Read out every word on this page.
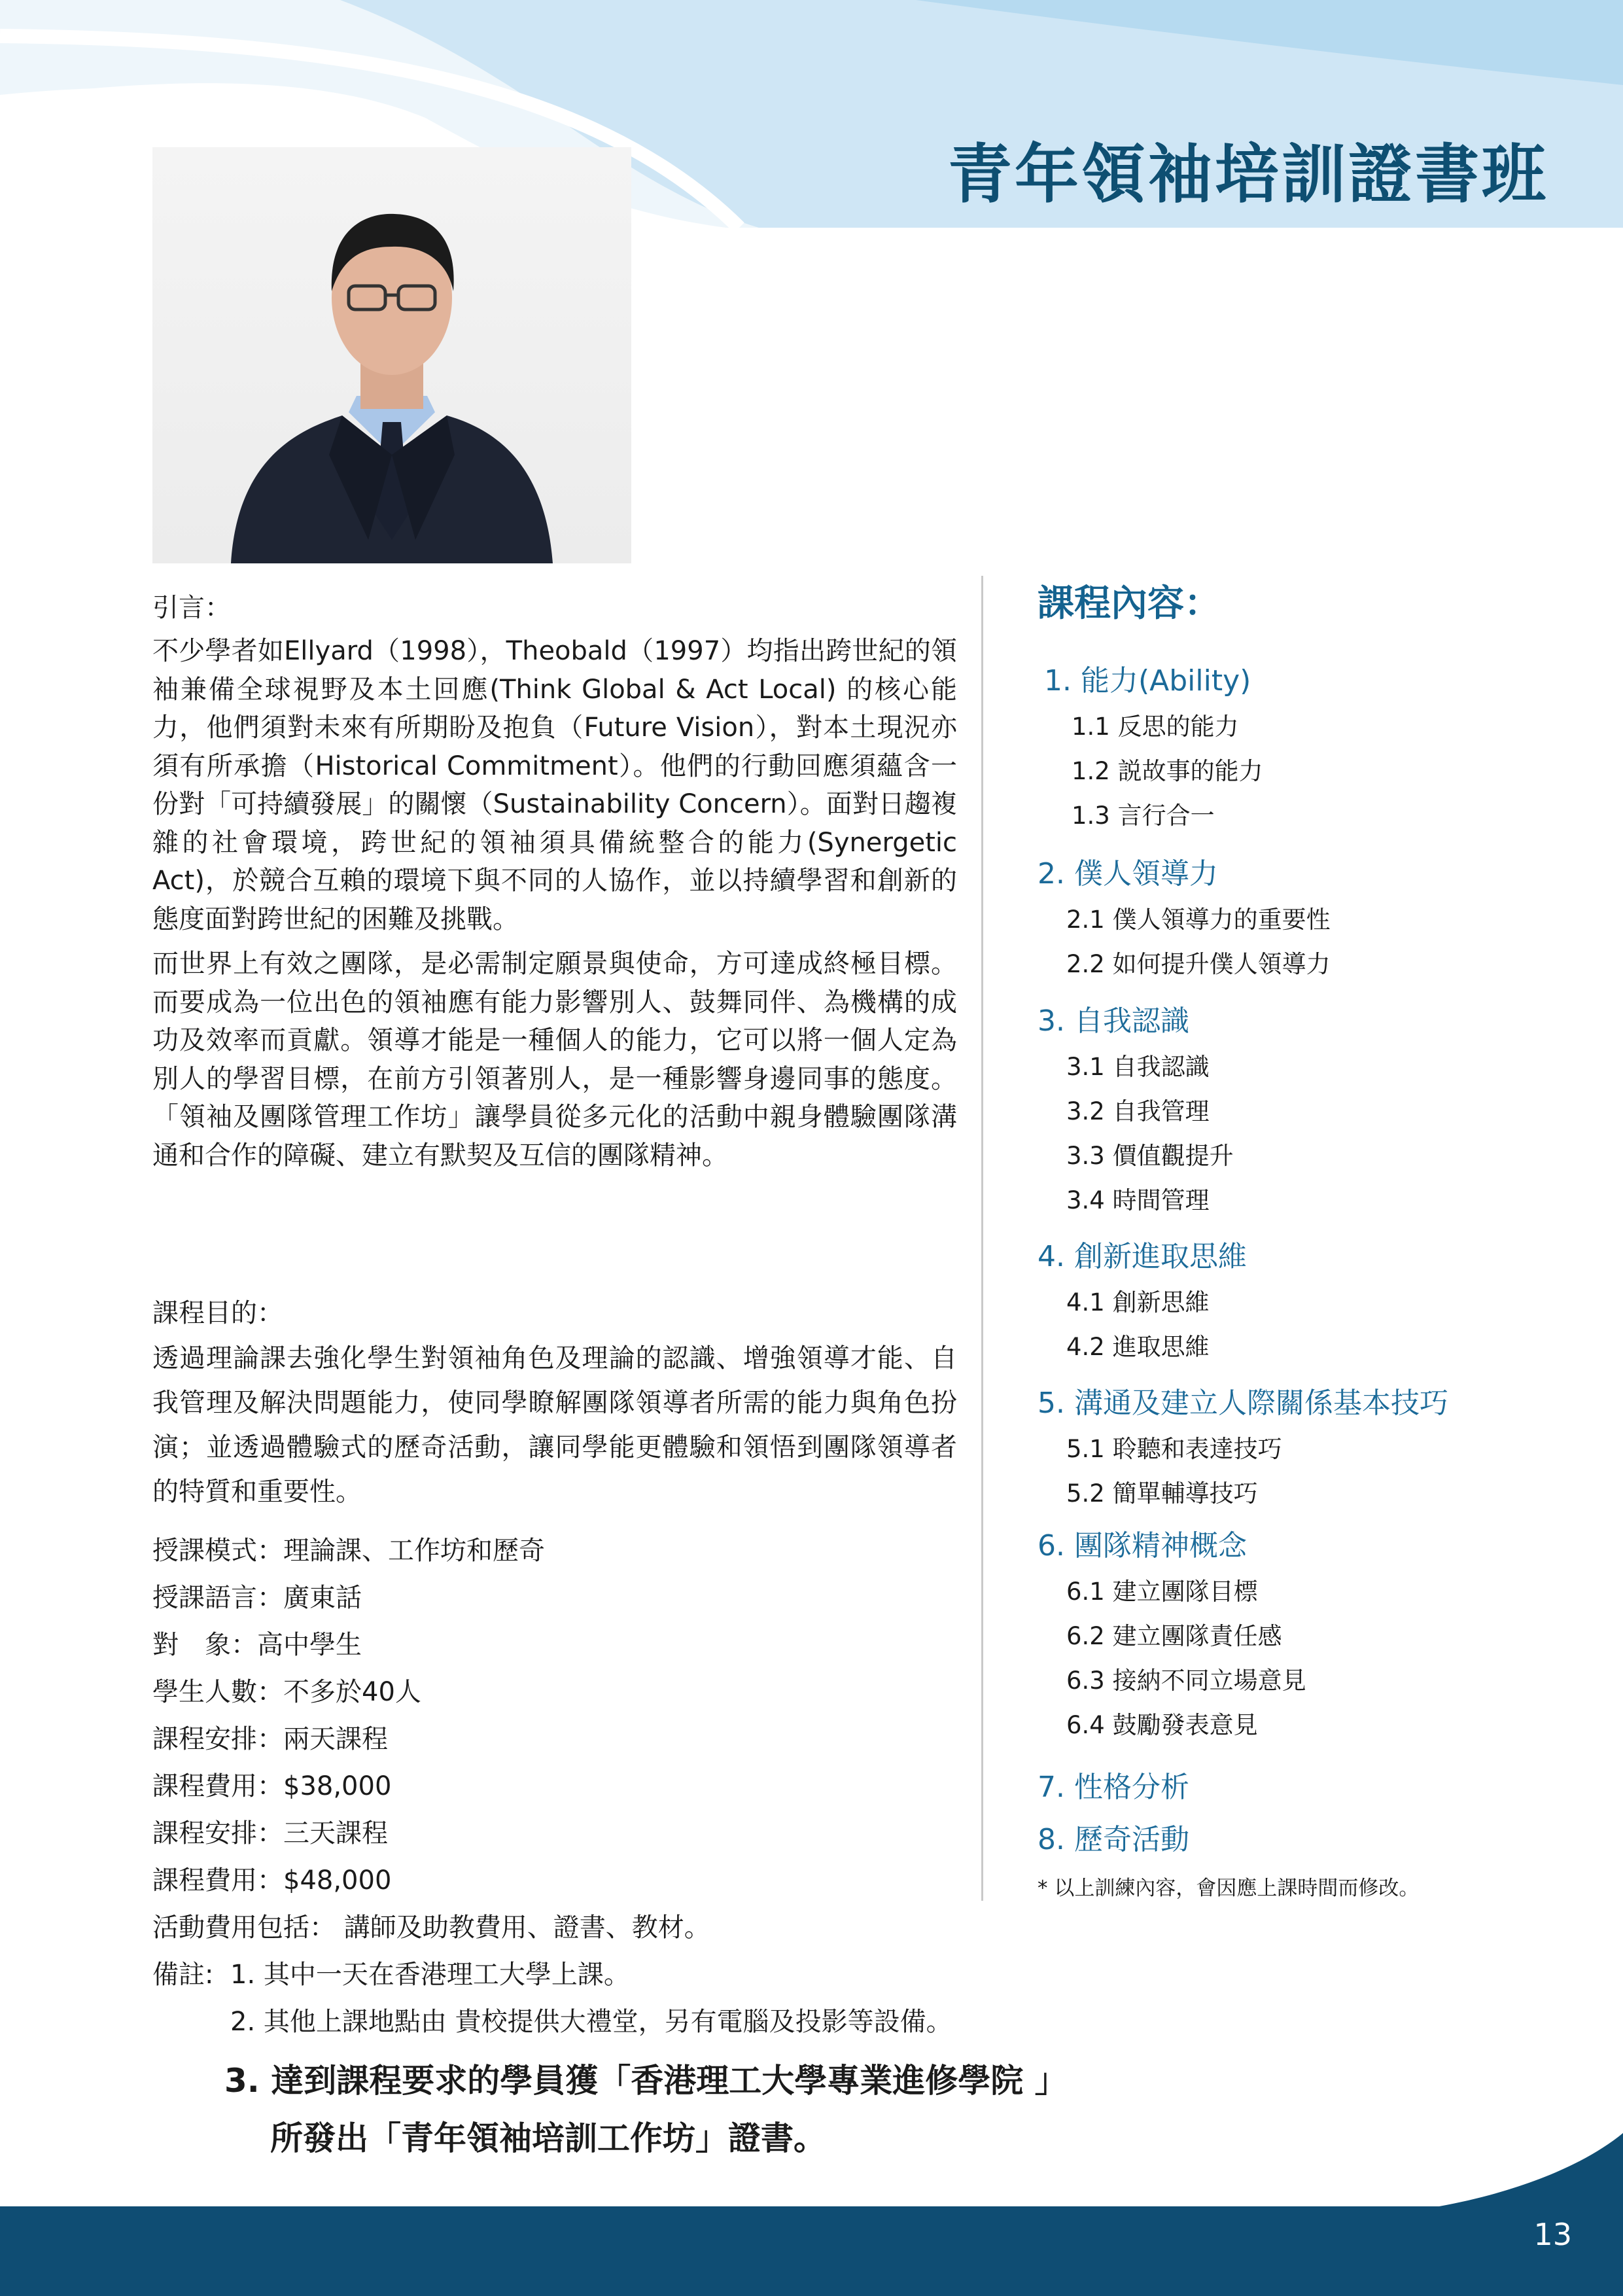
青年領袖培訓證書班
引言：
不少學者如Ellyard（1998），Theobald（1997）均指出跨世紀的領袖兼備全球視野及本土回應(Think Global & Act Local) 的核心能力，他們須對未來有所期盼及抱負（Future Vision），對本土現況亦須有所承擔（Historical Commitment）。他們的行動回應須蘊含一份對「可持續發展」的關懷（Sustainability Concern）。面對日趨複雜的社會環境，跨世紀的領袖須具備統整合的能力(Synergetic Act)，於競合互賴的環境下與不同的人協作，並以持續學習和創新的態度面對跨世紀的困難及挑戰。
而世界上有效之團隊，是必需制定願景與使命，方可達成終極目標。而要成為一位出色的領袖應有能力影響別人、鼓舞同伴、為機構的成功及效率而貢獻。領導才能是一種個人的能力，它可以將一個人定為別人的學習目標，在前方引領著別人，是一種影響身邊同事的態度。「領袖及團隊管理工作坊」讓學員從多元化的活動中親身體驗團隊溝通和合作的障礙、建立有默契及互信的團隊精神。
課程目的：
透過理論課去強化學生對領袖角色及理論的認識、增強領導才能、自我管理及解決問題能力，使同學瞭解團隊領導者所需的能力與角色扮演；並透過體驗式的歷奇活動，讓同學能更體驗和領悟到團隊領導者的特質和重要性。
授課模式：理論課、工作坊和歷奇
授課語言：廣東話
對　象：高中學生
學生人數：不多於40人
課程安排：兩天課程
課程費用：$38,000
課程安排：三天課程
課程費用：$48,000
活動費用包括： 講師及助教費用、證書、教材。
備註: 1. 其中一天在香港理工大學上課。
2. 其他上課地點由 貴校提供大禮堂，另有電腦及投影等設備。
3. 達到課程要求的學員獲「香港理工大學專業進修學院 」
所發出「青年領袖培訓工作坊」證書。
課程內容：
1. 能力(Ability)
1.1 反思的能力
1.2 説故事的能力
1.3 言行合一
2. 僕人領導力
2.1 僕人領導力的重要性
2.2 如何提升僕人領導力
3. 自我認識
3.1 自我認識
3.2 自我管理
3.3 價值觀提升
3.4 時間管理
4. 創新進取思維
4.1 創新思維
4.2 進取思維
5. 溝通及建立人際關係基本技巧
5.1 聆聽和表達技巧
5.2 簡單輔導技巧
6. 團隊精神概念
6.1 建立團隊目標
6.2 建立團隊責任感
6.3 接納不同立場意見
6.4 鼓勵發表意見
7. 性格分析
8. 歷奇活動
* 以上訓練內容，會因應上課時間而修改。
13
